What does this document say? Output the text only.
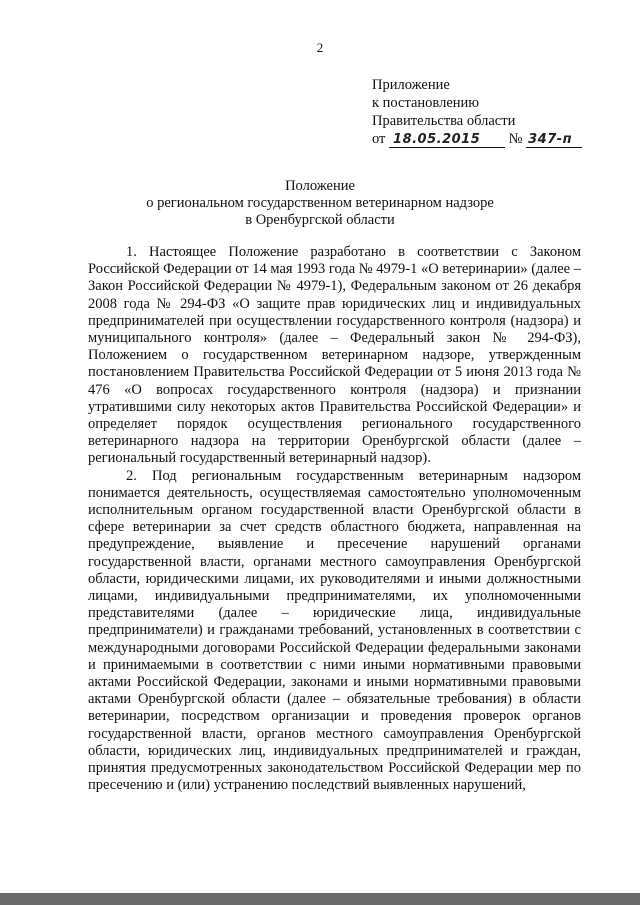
2
Приложение
к постановлению
Правительства области
от 18.05.2015 № 347-п
Положение
о региональном государственном ветеринарном надзоре
в Оренбургской области

1. Настоящее Положение разработано в соответствии с Законом Российской Федерации от 14 мая 1993 года № 4979-1 «О ветеринарии» (далее – Закон Российской Федерации № 4979-1), Федеральным законом от 26 декабря 2008 года № 294-ФЗ «О защите прав юридических лиц и индивидуальных предпринимателей при осуществлении государственного контроля (надзора) и муниципального контроля» (далее – Федеральный закон № 294-ФЗ), Положением о государственном ветеринарном надзоре, утвержденным постановлением Правительства Российской Федерации от 5 июня 2013 года № 476 «О вопросах государственного контроля (надзора) и признании утратившими силу некоторых актов Правительства Российской Федерации» и определяет порядок осуществления регионального государственного ветеринарного надзора на территории Оренбургской области (далее – региональный государственный ветеринарный надзор).

2. Под региональным государственным ветеринарным надзором понимается деятельность, осуществляемая самостоятельно уполномоченным исполнительным органом государственной власти Оренбургской области в сфере ветеринарии за счет средств областного бюджета, направленная на предупреждение, выявление и пресечение нарушений органами государственной власти, органами местного самоуправления Оренбургской области, юридическими лицами, их руководителями и иными должностными лицами, индивидуальными предпринимателями, их уполномоченными представителями (далее – юридические лица, индивидуальные предприниматели) и гражданами требований, установленных в соответствии с международными договорами Российской Федерации федеральными законами и принимаемыми в соответствии с ними иными нормативными правовыми актами Российской Федерации, законами и иными нормативными правовыми актами Оренбургской области (далее – обязательные требования) в области ветеринарии, посредством организации и проведения проверок органов государственной власти, органов местного самоуправления Оренбургской области, юридических лиц, индивидуальных предпринимателей и граждан, принятия предусмотренных законодательством Российской Федерации мер по пресечению и (или) устранению последствий выявленных нарушений,
